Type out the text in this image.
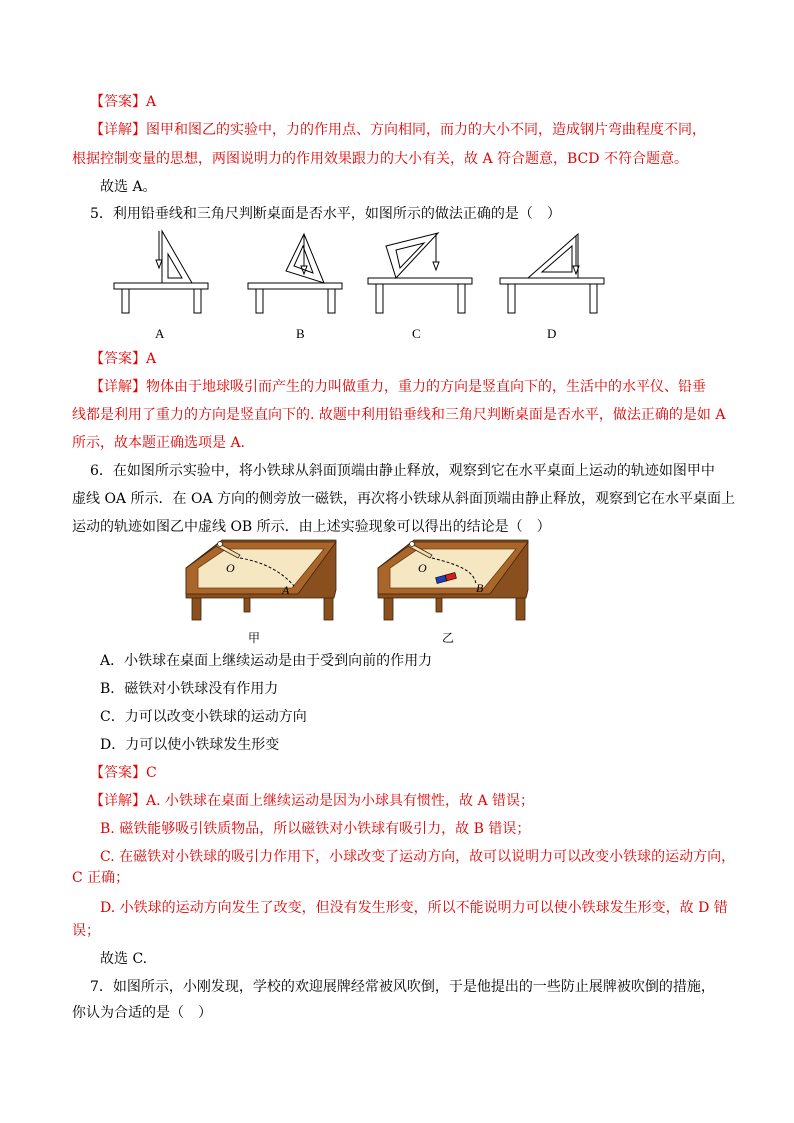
【答案】A
【详解】图甲和图乙的实验中，力的作用点、方向相同，而力的大小不同，造成钢片弯曲程度不同，
根据控制变量的思想，两图说明力的作用效果跟力的大小有关，故 A 符合题意，BCD 不符合题意。
故选 A。
5．利用铅垂线和三角尺判断桌面是否水平，如图所示的做法正确的是（　）
A	B	C	D
【答案】A
【详解】物体由于地球吸引而产生的力叫做重力，重力的方向是竖直向下的，生活中的水平仪、铅垂
线都是利用了重力的方向是竖直向下的. 故题中利用铅垂线和三角尺判断桌面是否水平，做法正确的是如 A
所示，故本题正确选项是 A.
6．在如图所示实验中，将小铁球从斜面顶端由静止释放，观察到它在水平桌面上运动的轨迹如图甲中
虚线 OA 所示．在 OA 方向的侧旁放一磁铁，再次将小铁球从斜面顶端由静止释放，观察到它在水平桌面上
运动的轨迹如图乙中虚线 OB 所示．由上述实验现象可以得出的结论是（　）
O
A
甲
O
B
乙
A．小铁球在桌面上继续运动是由于受到向前的作用力
B．磁铁对小铁球没有作用力
C．力可以改变小铁球的运动方向
D．力可以使小铁球发生形变
【答案】C
【详解】A. 小铁球在桌面上继续运动是因为小球具有惯性，故 A 错误；
B. 磁铁能够吸引铁质物品，所以磁铁对小铁球有吸引力，故 B 错误；
C. 在磁铁对小铁球的吸引力作用下，小球改变了运动方向，故可以说明力可以改变小铁球的运动方向，
C 正确；
D. 小铁球的运动方向发生了改变，但没有发生形变，所以不能说明力可以使小铁球发生形变，故 D 错
误；
故选 C.
7．如图所示，小刚发现，学校的欢迎展牌经常被风吹倒，于是他提出的一些防止展牌被吹倒的措施，
你认为合适的是（　）
